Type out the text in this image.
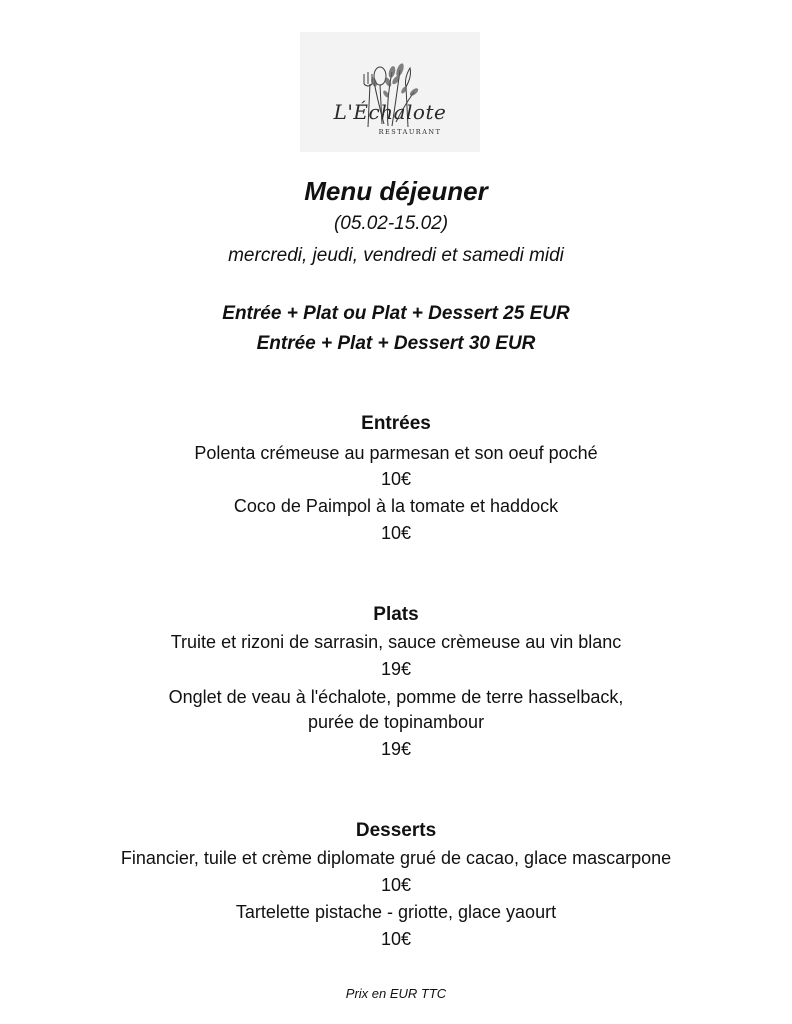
L'Échalote
RESTAURANT
Menu déjeuner
(05.02-15.02)
mercredi, jeudi, vendredi et samedi midi
Entrée + Plat ou Plat + Dessert 25 EUR
Entrée + Plat + Dessert 30 EUR
Entrées
Polenta crémeuse au parmesan et son oeuf poché
10€
Coco de Paimpol à la tomate et haddock
10€
Plats
Truite et rizoni de sarrasin, sauce crèmeuse au vin blanc
19€
Onglet de veau à l'échalote, pomme de terre hasselback,
purée de topinambour
19€
Desserts
Financier, tuile et crème diplomate grué de cacao, glace mascarpone
10€
Tartelette pistache - griotte, glace yaourt
10€
Prix en EUR TTC
